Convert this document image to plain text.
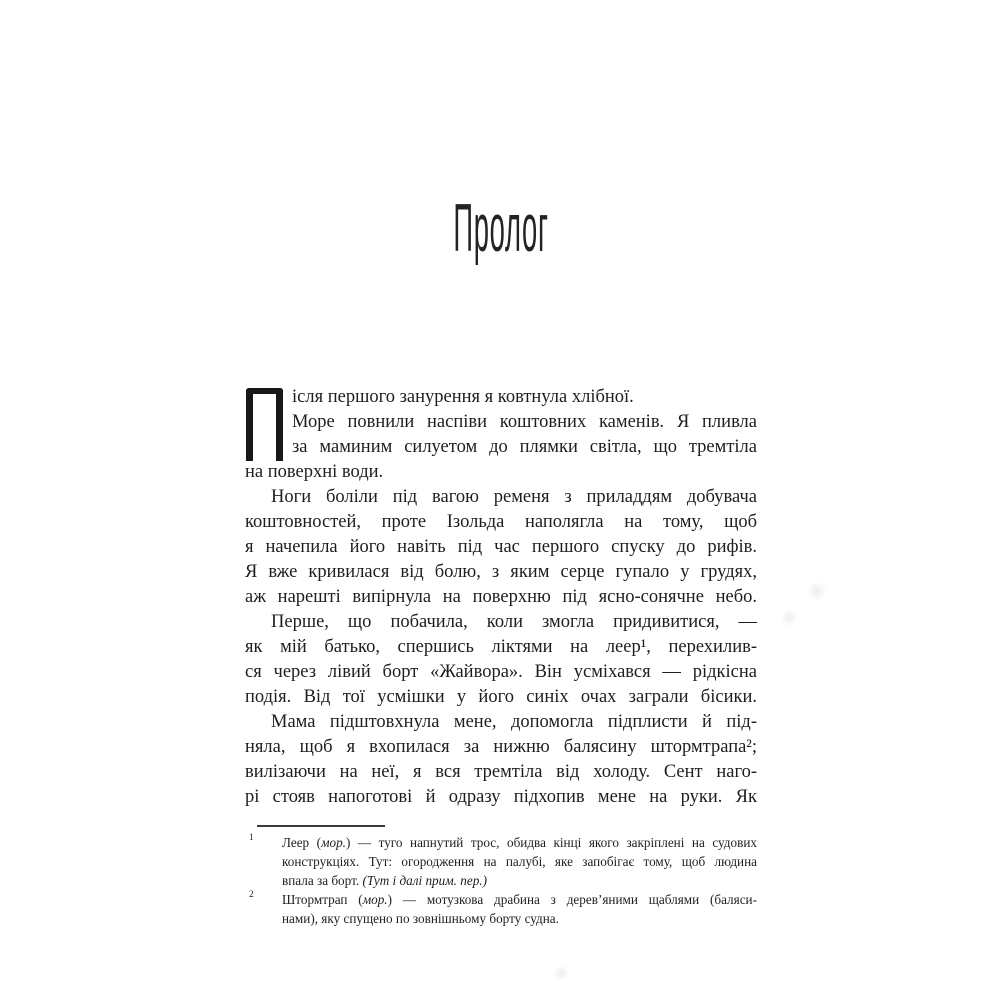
Пролог
ісля першого занурення я ковтнула хлібної.
Море повнили наспіви коштовних каменів. Я пливла
за маминим силуетом до плямки світла, що тремтіла
на поверхні води.
Ноги боліли під вагою ременя з приладдям добувача
коштовностей, проте Ізольда наполягла на тому, щоб
я начепила його навіть під час першого спуску до рифів.
Я вже кривилася від болю, з яким серце гупало у грудях,
аж нарешті випірнула на поверхню під ясно-сонячне небо.
Перше, що побачила, коли змогла придивитися, —
як мій батько, спершись ліктями на леер¹, перехилив-
ся через лівий борт «Жайвора». Він усміхався — рідкісна
подія. Від тої усмішки у його синіх очах заграли бісики.
Мама підштовхнула мене, допомогла підплисти й під-
няла, щоб я вхопилася за нижню балясину штормтрапа²;
вилізаючи на неї, я вся тремтіла від холоду. Сент наго-
рі стояв напоготові й одразу підхопив мене на руки. Як
1 Леер (мор.) — туго напнутий трос, обидва кінці якого закріплені на судових
конструкціях. Тут: огородження на палубі, яке запобігає тому, щоб людина
впала за борт. (Тут і далі прим. пер.)
2 Штормтрап (мор.) — мотузкова драбина з дерев’яними щаблями (баляси-
нами), яку спущено по зовнішньому борту судна.
